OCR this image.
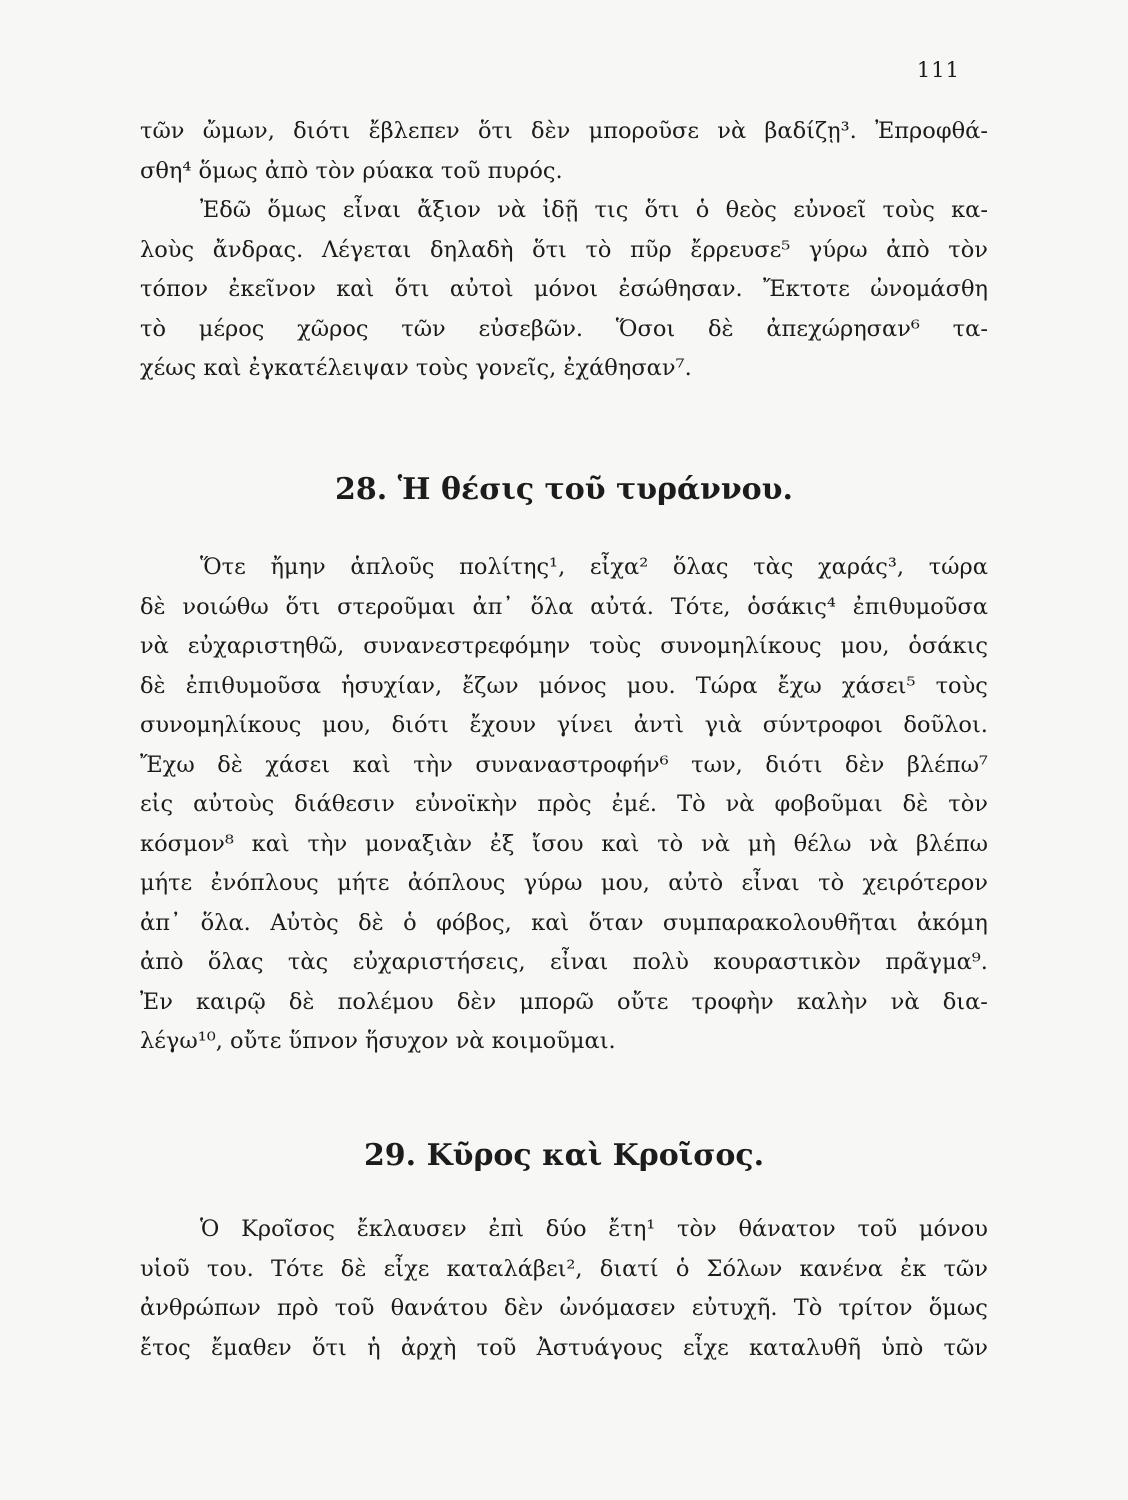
111
τῶν ὤμων, διότι ἔβλεπεν ὅτι δὲν μποροῦσε νὰ βαδίζῃ³. Ἐπροφθά-
σθη⁴ ὅμως ἀπὸ τὸν ρύακα τοῦ πυρός.
Ἐδῶ ὅμως εἶναι ἄξιον νὰ ἰδῇ τις ὅτι ὁ θεὸς εὐνοεῖ τοὺς κα-
λοὺς ἄνδρας. Λέγεται δηλαδὴ ὅτι τὸ πῦρ ἔρρευσε⁵ γύρω ἀπὸ τὸν
τόπον ἐκεῖνον καὶ ὅτι αὐτοὶ μόνοι ἐσώθησαν. Ἔκτοτε ὠνομάσθη
τὸ μέρος χῶρος τῶν εὐσεβῶν. Ὅσοι δὲ ἀπεχώρησαν⁶ τα-
χέως καὶ ἐγκατέλειψαν τοὺς γονεῖς, ἐχάθησαν⁷.
28. Ἡ θέσις τοῦ τυράννου.
Ὅτε ἤμην ἁπλοῦς πολίτης¹, εἶχα² ὅλας τὰς χαράς³, τώρα
δὲ νοιώθω ὅτι στεροῦμαι ἀπ᾽ ὅλα αὐτά. Τότε, ὁσάκις⁴ ἐπιθυμοῦσα
νὰ εὐχαριστηθῶ, συνανεστρεφόμην τοὺς συνομηλίκους μου, ὁσάκις
δὲ ἐπιθυμοῦσα ἡσυχίαν, ἔζων μόνος μου. Τώρα ἔχω χάσει⁵ τοὺς
συνομηλίκους μου, διότι ἔχουν γίνει ἀντὶ γιὰ σύντροφοι δοῦλοι.
Ἔχω δὲ χάσει καὶ τὴν συναναστροφήν⁶ των, διότι δὲν βλέπω⁷
εἰς αὐτοὺς διάθεσιν εὐνοϊκὴν πρὸς ἐμέ. Τὸ νὰ φοβοῦμαι δὲ τὸν
κόσμον⁸ καὶ τὴν μοναξιὰν ἐξ ἴσου καὶ τὸ νὰ μὴ θέλω νὰ βλέπω
μήτε ἐνόπλους μήτε ἀόπλους γύρω μου, αὐτὸ εἶναι τὸ χειρότερον
ἀπ᾽ ὅλα. Αὐτὸς δὲ ὁ φόβος, καὶ ὅταν συμπαρακολουθῆται ἀκόμη
ἀπὸ ὅλας τὰς εὐχαριστήσεις, εἶναι πολὺ κουραστικὸν πρᾶγμα⁹.
Ἐν καιρῷ δὲ πολέμου δὲν μπορῶ οὔτε τροφὴν καλὴν νὰ δια-
λέγω¹⁰, οὔτε ὕπνον ἥσυχον νὰ κοιμοῦμαι.
29. Κῦρος καὶ Κροῖσος.
Ὁ Κροῖσος ἔκλαυσεν ἐπὶ δύο ἔτη¹ τὸν θάνατον τοῦ μόνου
υἱοῦ του. Τότε δὲ εἶχε καταλάβει², διατί ὁ Σόλων κανένα ἐκ τῶν
ἀνθρώπων πρὸ τοῦ θανάτου δὲν ὠνόμασεν εὐτυχῆ. Τὸ τρίτον ὅμως
ἔτος ἔμαθεν ὅτι ἡ ἀρχὴ τοῦ Ἀστυάγους εἶχε καταλυθῆ ὑπὸ τῶν
